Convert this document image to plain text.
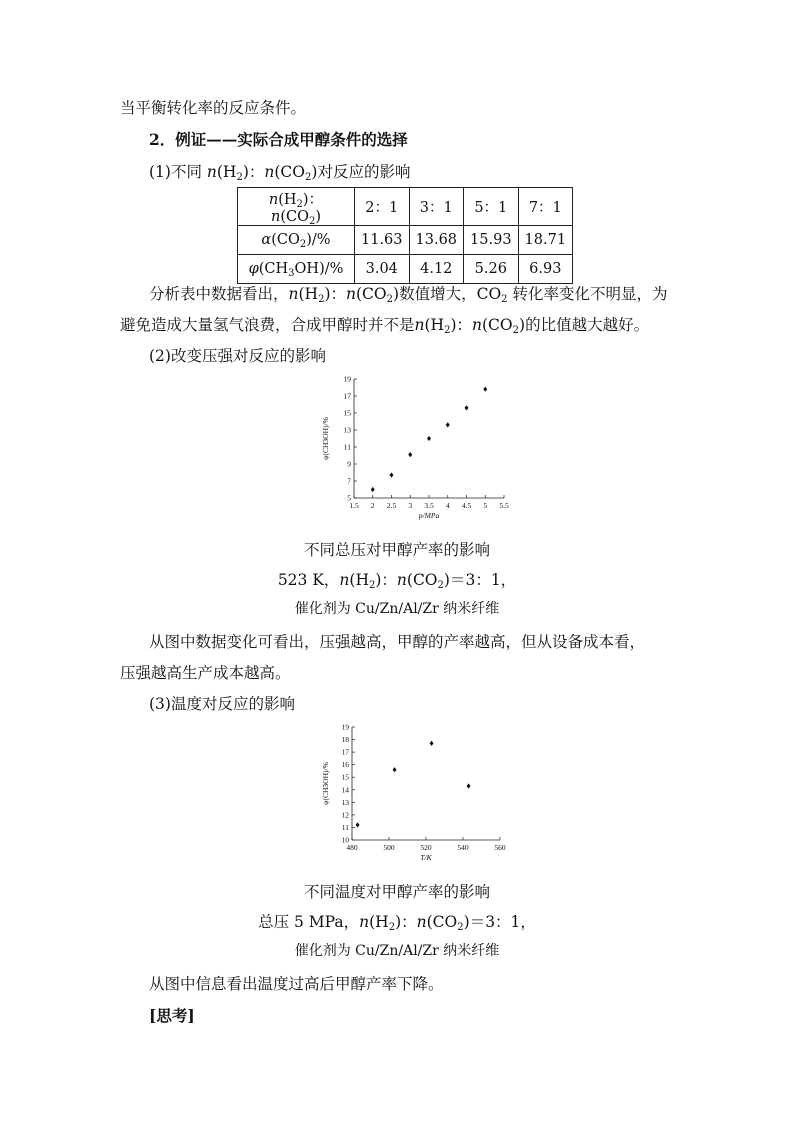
当平衡转化率的反应条件。
2．例证——实际合成甲醇条件的选择
(1)不同 $n(H_2)$：$n(CO_2)$对反应的影响
$n(H_2)$：$n(CO_2)$	2：1	3：1	5：1	7：1
$\alpha(CO_2)/\%$	11.63	13.68	15.93	18.71
$\varphi(CH_3OH)/\%$	3.04	4.12	5.26	6.93
分析表中数据看出，$n(H_2)$：$n(CO_2)$数值增大，$CO_2$ 转化率变化不明显，为
避免造成大量氢气浪费，合成甲醇时并不是$n(H_2)$：$n(CO_2)$的比值越大越好。
(2)改变压强对反应的影响
5
7
9
11
13
15
17
19
1.5 2 2.5 3 3.5 4 4.5 5 5.5
p/MPa
φ(CH3OH)/%
不同总压对甲醇产率的影响
523 K，$n(H_2)$：$n(CO_2)=3$：1，
催化剂为 Cu/Zn/Al/Zr 纳米纤维
从图中数据变化可看出，压强越高，甲醇的产率越高，但从设备成本看，
压强越高生产成本越高。
(3)温度对反应的影响
10
11
12
13
14
15
16
17
18
19
480	500	520	540	560
T/K
φ(CH3OH)/%
不同温度对甲醇产率的影响
总压 5 MPa，$n(H_2)$：$n(CO_2)=3$：1，
催化剂为 Cu/Zn/Al/Zr 纳米纤维
从图中信息看出温度过高后甲醇产率下降。
[思考]
